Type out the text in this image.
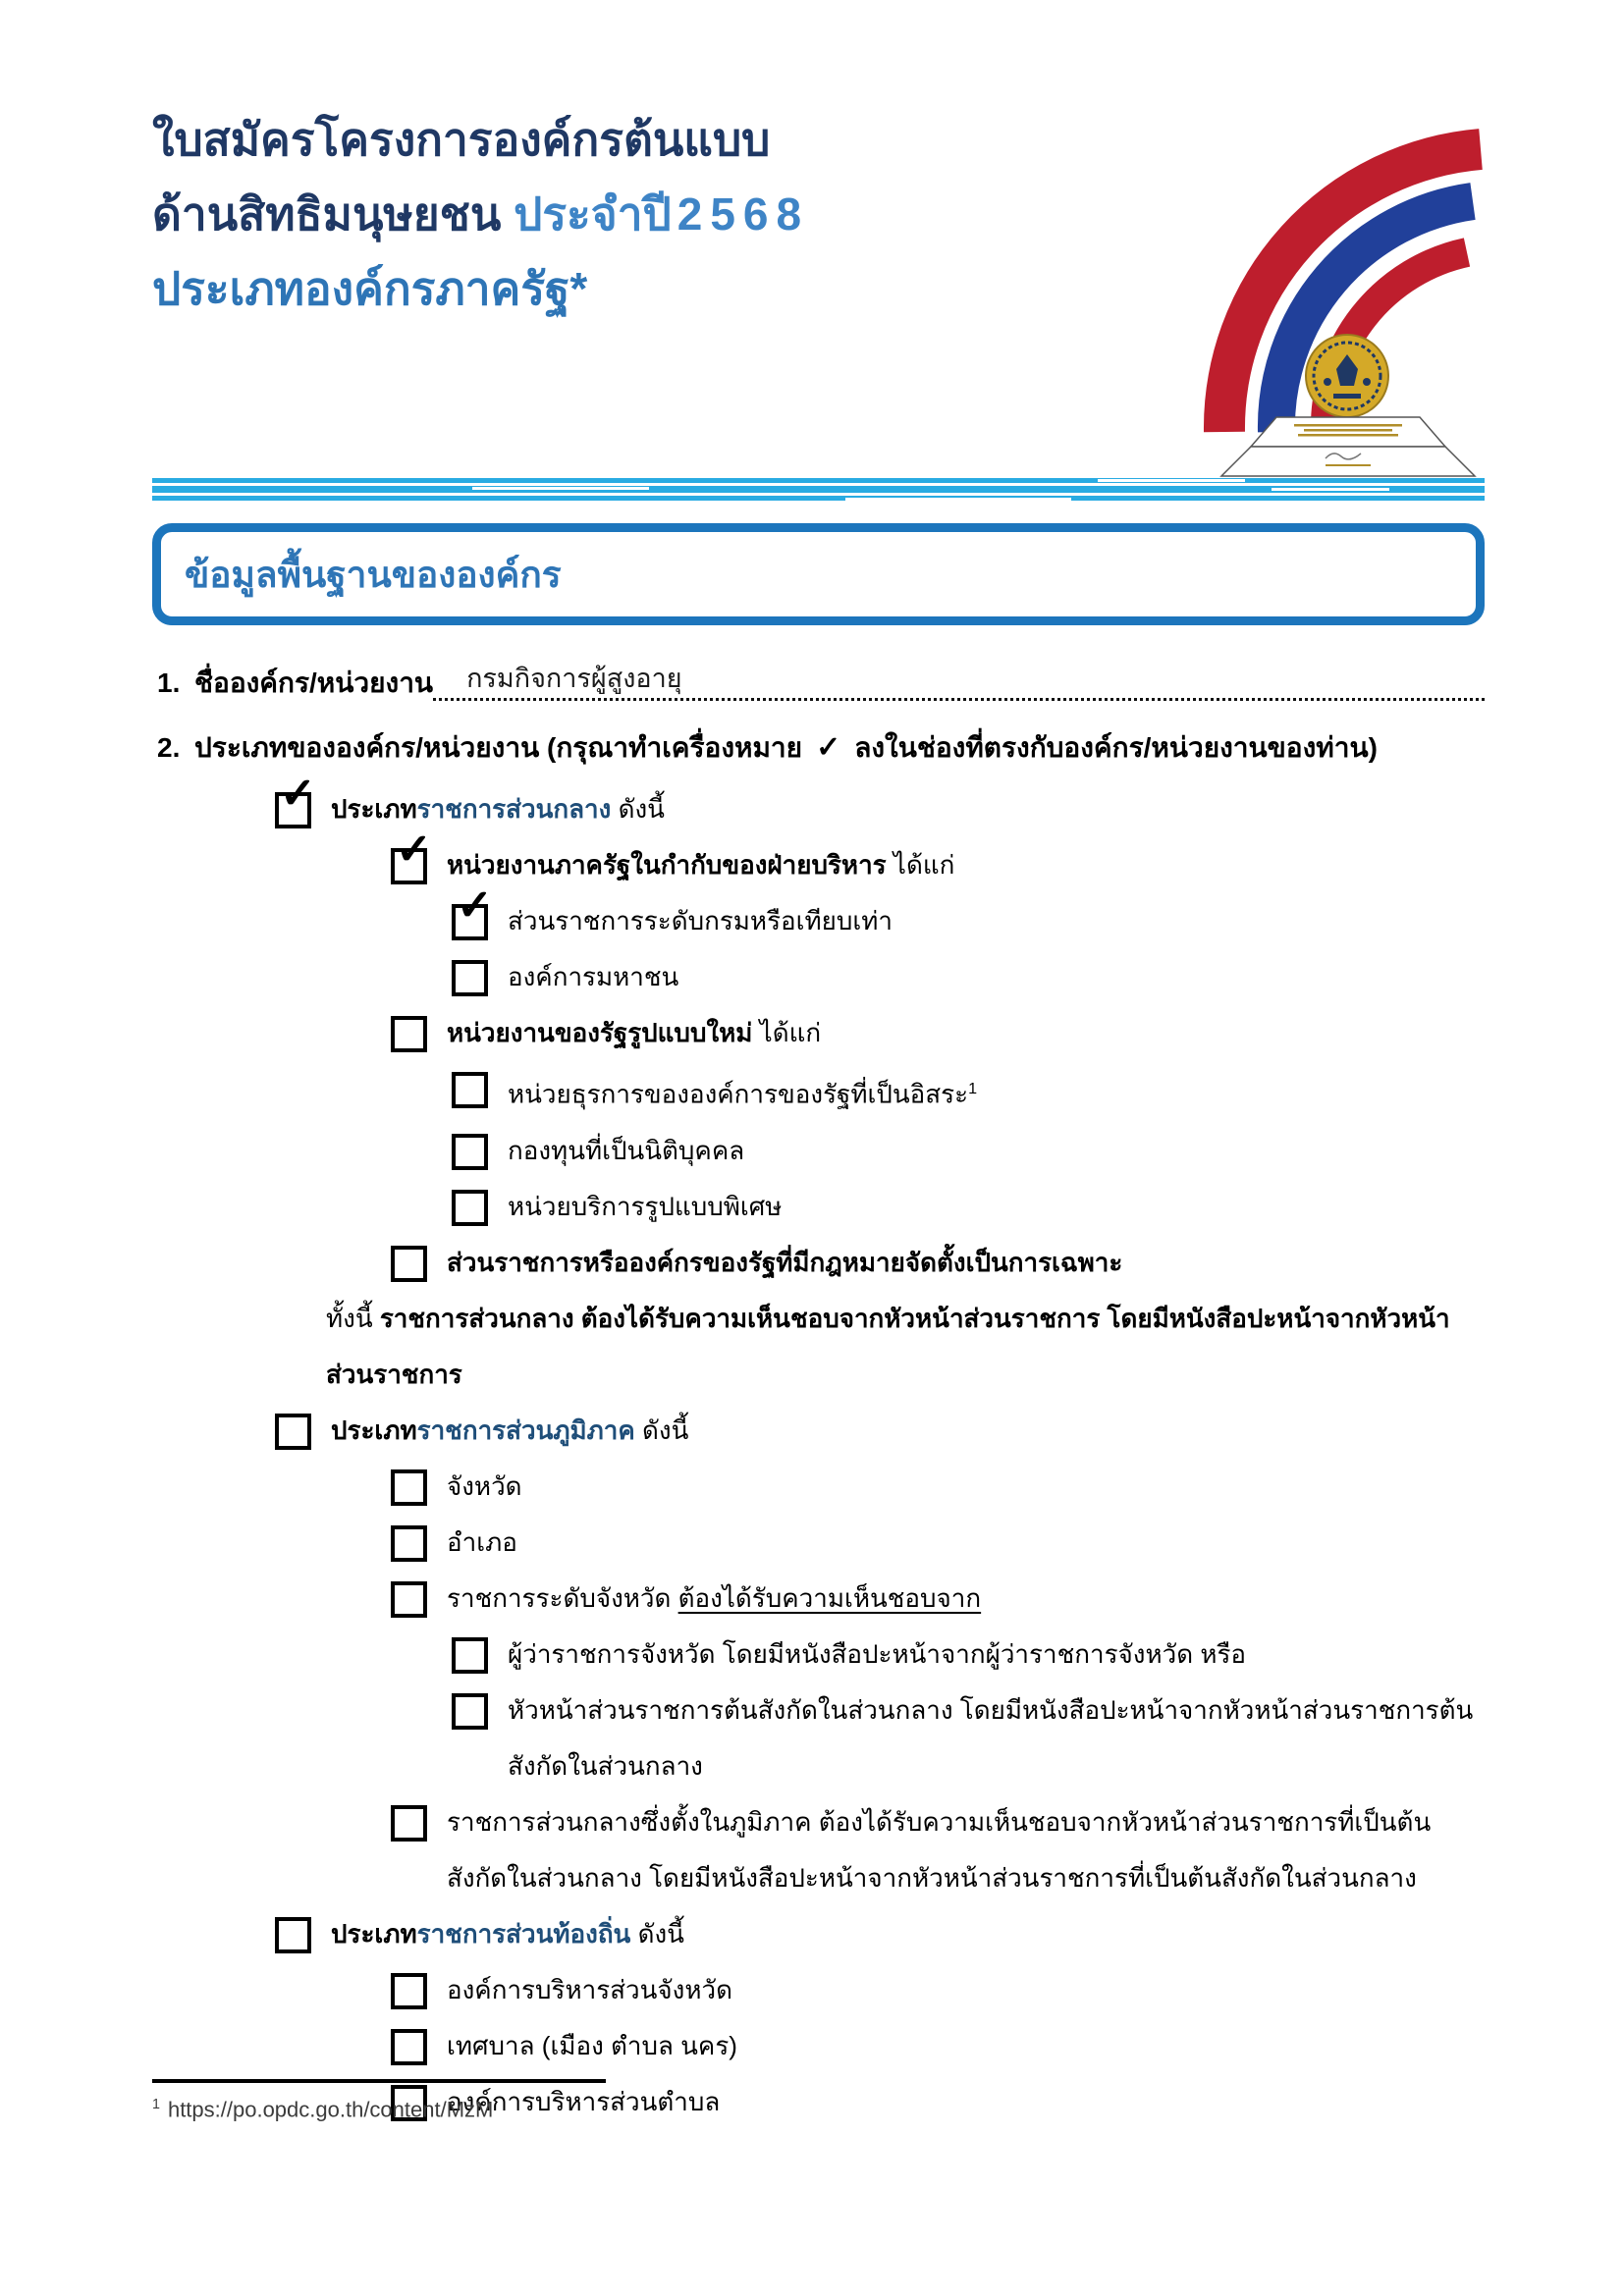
ใบสมัครโครงการองค์กรต้นแบบ
ด้านสิทธิมนุษยชน ประจำปี 2568
ประเภทองค์กรภาครัฐ*
ข้อมูลพื้นฐานขององค์กร
1. ชื่อองค์กร/หน่วยงาน	กรมกิจการผู้สูงอายุ
2. ประเภทขององค์กร/หน่วยงาน (กรุณาทำเครื่องหมาย ✓ ลงในช่องที่ตรงกับองค์กร/หน่วยงานของท่าน)
✓ ประเภทราชการส่วนกลาง ดังนี้
✓ หน่วยงานภาครัฐในกำกับของฝ่ายบริหาร ได้แก่
✓ ส่วนราชการระดับกรมหรือเทียบเท่า
องค์การมหาชน
หน่วยงานของรัฐรูปแบบใหม่ ได้แก่
หน่วยธุรการขององค์การของรัฐที่เป็นอิสระ$^1$
กองทุนที่เป็นนิติบุคคล
หน่วยบริการรูปแบบพิเศษ
ส่วนราชการหรือองค์กรของรัฐที่มีกฎหมายจัดตั้งเป็นการเฉพาะ
ทั้งนี้ ราชการส่วนกลาง ต้องได้รับความเห็นชอบจากหัวหน้าส่วนราชการ โดยมีหนังสือปะหน้าจากหัวหน้าส่วนราชการ
ประเภทราชการส่วนภูมิภาค ดังนี้
จังหวัด
อำเภอ
ราชการระดับจังหวัด ต้องได้รับความเห็นชอบจาก
ผู้ว่าราชการจังหวัด โดยมีหนังสือปะหน้าจากผู้ว่าราชการจังหวัด หรือ
หัวหน้าส่วนราชการต้นสังกัดในส่วนกลาง โดยมีหนังสือปะหน้าจากหัวหน้าส่วนราชการต้นสังกัดในส่วนกลาง
ราชการส่วนกลางซึ่งตั้งในภูมิภาค ต้องได้รับความเห็นชอบจากหัวหน้าส่วนราชการที่เป็นต้นสังกัดในส่วนกลาง โดยมีหนังสือปะหน้าจากหัวหน้าส่วนราชการที่เป็นต้นสังกัดในส่วนกลาง
ประเภทราชการส่วนท้องถิ่น ดังนี้
องค์การบริหารส่วนจังหวัด
เทศบาล (เมือง ตำบล นคร)
องค์การบริหารส่วนตำบล
$^1$ https://po.opdc.go.th/content/MzM
